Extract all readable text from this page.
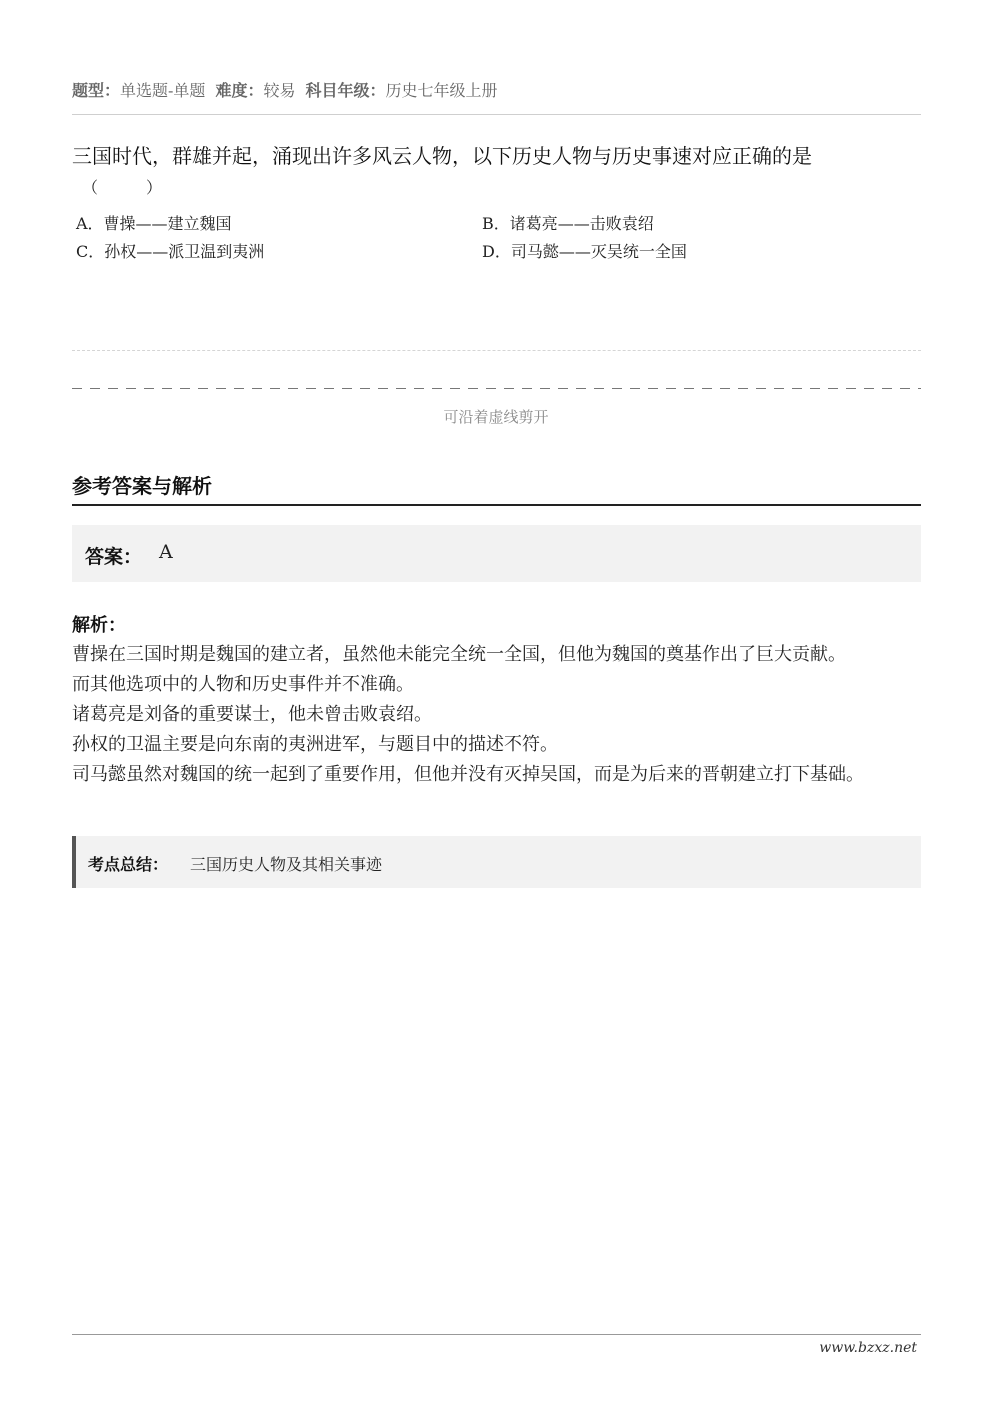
题型：单选题-单题 难度：较易 科目年级：历史七年级上册
三国时代，群雄并起，涌现出许多风云人物，以下历史人物与历史事速对应正确的是
（　　　）
A．曹操——建立魏国	B．诸葛亮——击败袁绍
C．孙权——派卫温到夷洲	D．司马懿——灭吴统一全国
可沿着虚线剪开
参考答案与解析
答案： A
解析：

曹操在三国时期是魏国的建立者，虽然他未能完全统一全国，但他为魏国的奠基作出了巨大贡献。

而其他选项中的人物和历史事件并不准确。

诸葛亮是刘备的重要谋士，他未曾击败袁绍。

孙权的卫温主要是向东南的夷洲进军，与题目中的描述不符。

司马懿虽然对魏国的统一起到了重要作用，但他并没有灭掉吴国，而是为后来的晋朝建立打下基础。

考点总结： 三国历史人物及其相关事迹
www.bzxz.net
